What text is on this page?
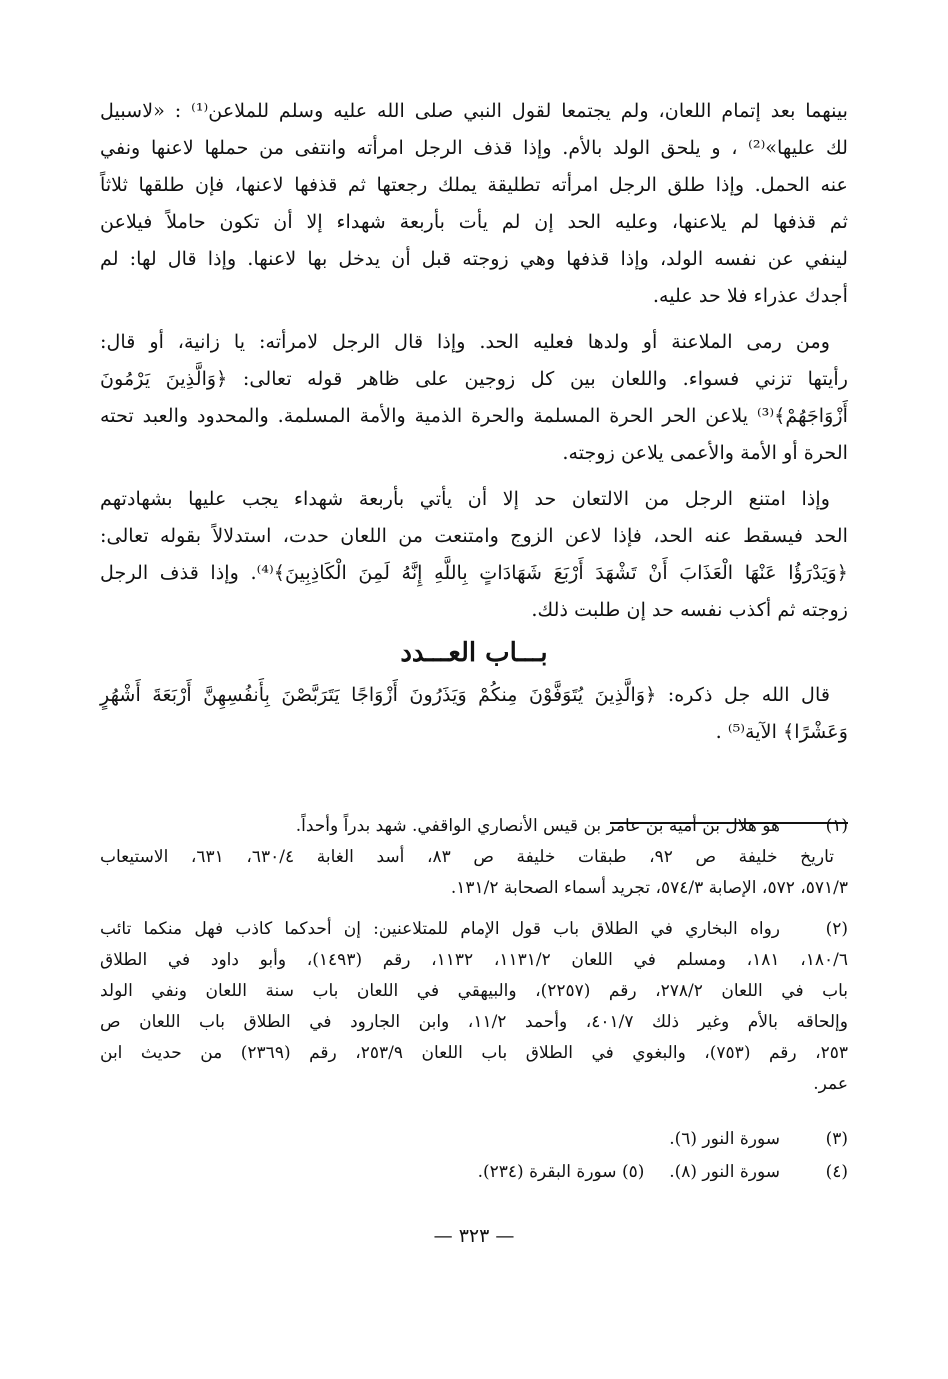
بينهما بعد إتمام اللعان، ولم يجتمعا لقول النبي صلى الله عليه وسلم للملاعن⁽¹⁾ : «لاسبيل
لك عليها»⁽²⁾ ، و يلحق الولد بالأم. وإذا قذف الرجل امرأته وانتفى من حملها لاعنها ونفي
عنه الحمل. وإذا طلق الرجل امرأته تطليقة يملك رجعتها ثم قذفها لاعنها، فإن طلقها ثلاثاً
ثم قذفها لم يلاعنها، وعليه الحد إن لم يأت بأربعة شهداء إلا أن تكون حاملاً فيلاعن
لينفي عن نفسه الولد، وإذا قذفها وهي زوجته قبل أن يدخل بها لاعنها. وإذا قال لها: لم
أجدك عذراء فلا حد عليه.
ومن رمى الملاعنة أو ولدها فعليه الحد. وإذا قال الرجل لامرأته: يا زانية، أو قال:
رأيتها تزني فسواء. واللعان بين كل زوجين على ظاهر قوله تعالى: ﴿وَالَّذِينَ يَرْمُونَ
أَزْوَاجَهُمْ﴾⁽³⁾ يلاعن الحر الحرة المسلمة والحرة الذمية والأمة المسلمة. والمحدود والعبد تحته
الحرة أو الأمة والأعمى يلاعن زوجته.
وإذا امتنع الرجل من الالتعان حد إلا أن يأتي بأربعة شهداء يجب عليها بشهادتهم
الحد فيسقط عنه الحد، فإذا لاعن الزوج وامتنعت من اللعان حدت، استدلالاً بقوله تعالى:
﴿وَيَدْرَؤُا عَنْهَا الْعَذَابَ أَنْ تَشْهَدَ أَرْبَعَ شَهَادَاتٍ بِاللَّهِ إِنَّهُ لَمِنَ الْكَاذِبِينَ﴾⁽⁴⁾. وإذا قذف الرجل
زوجته ثم أكذب نفسه حد إن طلبت ذلك.
بـــاب العـــدد
قال الله جل ذكره: ﴿وَالَّذِينَ يُتَوَفَّوْنَ مِنكُمْ وَيَذَرُونَ أَزْوَاجًا يَتَرَبَّصْنَ بِأَنفُسِهِنَّ أَرْبَعَةَ أَشْهُرٍ
وَعَشْرًا﴾ الآية⁽⁵⁾ .
(١)
هو هلال بن أمية بن عامر بن قيس الأنصاري الواقفي. شهد بدراً وأحداً.
تاريخ خليفة ص ٩٢، طبقات خليفة ص ٨٣، أسد الغابة ٦٣٠/٤، ٦٣١، الاستيعاب
٥٧١/٣، ٥٧٢، الإصابة ٥٧٤/٣، تجريد أسماء الصحابة ١٣١/٢.
(٢)
رواه البخاري في الطلاق باب قول الإمام للمتلاعنين: إن أحدكما كاذب فهل منكما تائب
١٨٠/٦، ١٨١، ومسلم في اللعان ١١٣١/٢، ١١٣٢، رقم (١٤٩٣)، وأبو داود في الطلاق
باب في اللعان ٢٧٨/٢، رقم (٢٢٥٧)، والبيهقي في اللعان باب سنة اللعان ونفي الولد
وإلحاقه بالأم وغير ذلك ٤٠١/٧، وأحمد ١١/٢، وابن الجارود في الطلاق باب اللعان ص
٢٥٣، رقم (٧٥٣)، والبغوي في الطلاق باب اللعان ٢٥٣/٩، رقم (٢٣٦٩) من حديث ابن
عمر.
(٣)
سورة النور (٦).
(٤)
سورة النور (٨).  (٥) سورة البقرة (٢٣٤).
— ٣٢٣ —
